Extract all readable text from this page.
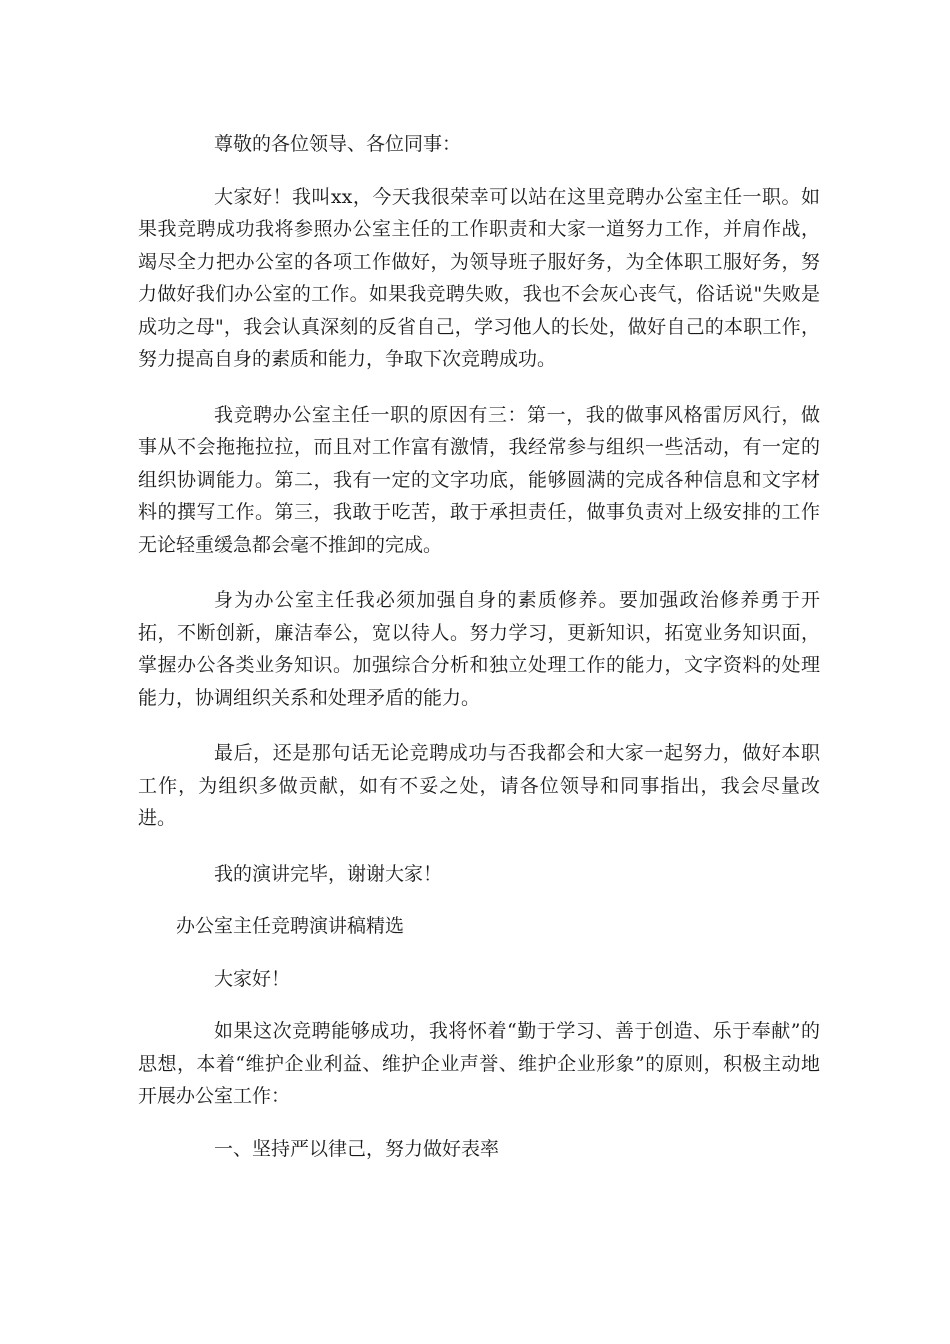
尊敬的各位领导、各位同事：

大家好！我叫xx，今天我很荣幸可以站在这里竞聘办公室主任一职。如果我竞聘成功我将参照办公室主任的工作职责和大家一道努力工作，并肩作战，竭尽全力把办公室的各项工作做好，为领导班子服好务，为全体职工服好务，努力做好我们办公室的工作。如果我竞聘失败，我也不会灰心丧气，俗话说"失败是成功之母"，我会认真深刻的反省自己，学习他人的长处，做好自己的本职工作，努力提高自身的素质和能力，争取下次竞聘成功。

我竞聘办公室主任一职的原因有三：第一，我的做事风格雷厉风行，做事从不会拖拖拉拉，而且对工作富有激情，我经常参与组织一些活动，有一定的组织协调能力。第二，我有一定的文字功底，能够圆满的完成各种信息和文字材料的撰写工作。第三，我敢于吃苦，敢于承担责任，做事负责对上级安排的工作无论轻重缓急都会毫不推卸的完成。

身为办公室主任我必须加强自身的素质修养。要加强政治修养勇于开拓，不断创新，廉洁奉公，宽以待人。努力学习，更新知识，拓宽业务知识面，掌握办公各类业务知识。加强综合分析和独立处理工作的能力，文字资料的处理能力，协调组织关系和处理矛盾的能力。

最后，还是那句话无论竞聘成功与否我都会和大家一起努力，做好本职工作，为组织多做贡献，如有不妥之处，请各位领导和同事指出，我会尽量改进。

我的演讲完毕，谢谢大家！

办公室主任竞聘演讲稿精选

大家好！

如果这次竞聘能够成功，我将怀着“勤于学习、善于创造、乐于奉献”的思想，本着“维护企业利益、维护企业声誉、维护企业形象”的原则，积极主动地开展办公室工作：

一、坚持严以律己，努力做好表率
